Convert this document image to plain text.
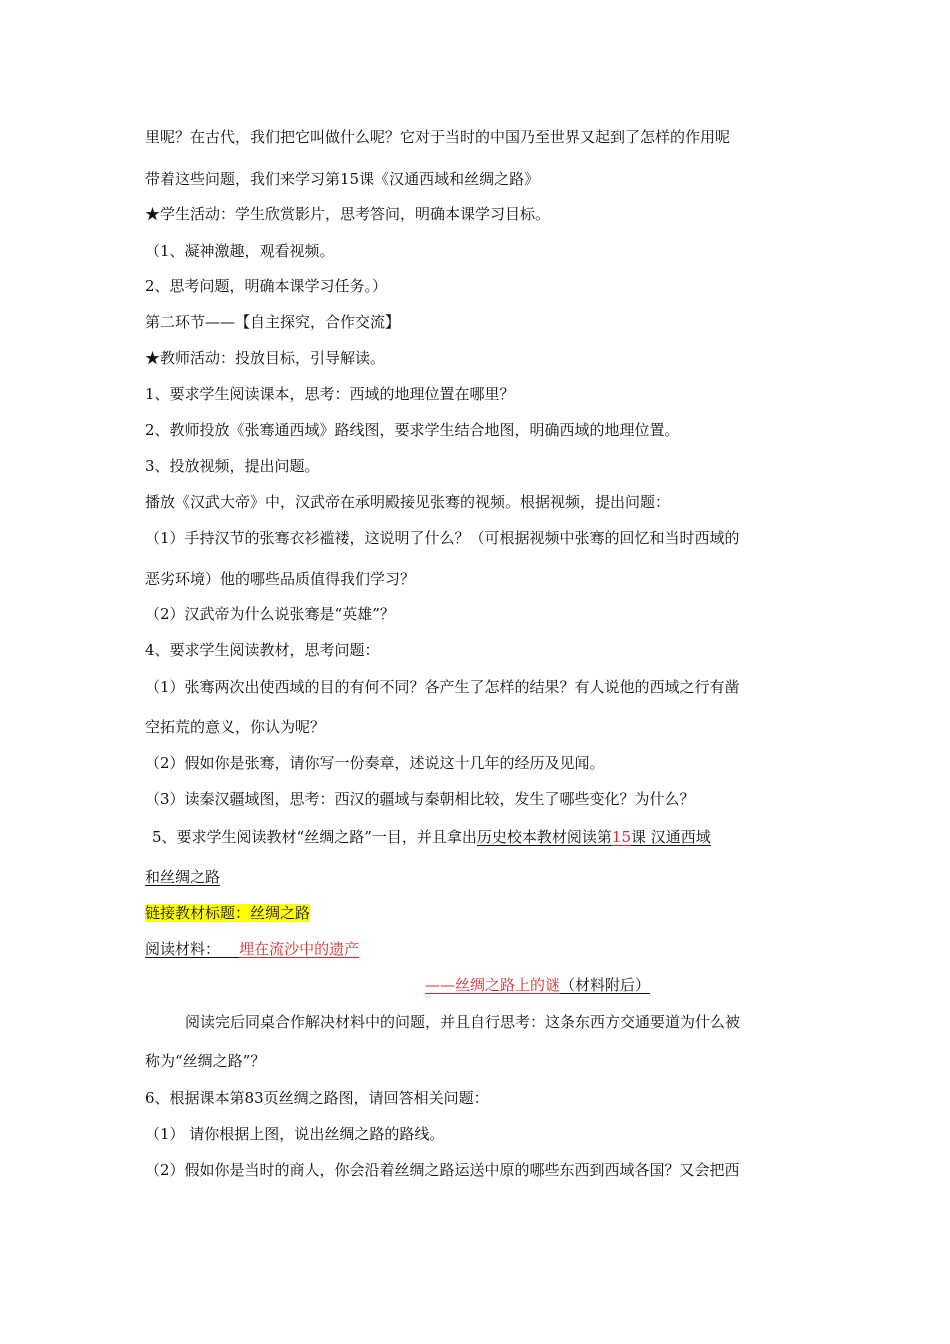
里呢？在古代，我们把它叫做什么呢？它对于当时的中国乃至世界又起到了怎样的作用呢
带着这些问题，我们来学习第15课《汉通西域和丝绸之路》
★学生活动：学生欣赏影片，思考答问，明确本课学习目标。
（1、凝神激趣，观看视频。
2、思考问题，明确本课学习任务。）
第二环节——【自主探究，合作交流】
★教师活动：投放目标，引导解读。
1、要求学生阅读课本，思考：西域的地理位置在哪里？
2、教师投放《张骞通西域》路线图，要求学生结合地图，明确西域的地理位置。
3、投放视频，提出问题。
播放《汉武大帝》中，汉武帝在承明殿接见张骞的视频。根据视频，提出问题：
（1）手持汉节的张骞衣衫褴褛，这说明了什么？（可根据视频中张骞的回忆和当时西域的
恶劣环境）他的哪些品质值得我们学习？
（2）汉武帝为什么说张骞是“英雄”？
4、要求学生阅读教材，思考问题：
（1）张骞两次出使西域的目的有何不同？各产生了怎样的结果？有人说他的西域之行有凿
空拓荒的意义，你认为呢？
（2）假如你是张骞，请你写一份奏章，述说这十几年的经历及见闻。
（3）读秦汉疆域图，思考：西汉的疆域与秦朝相比较，发生了哪些变化？为什么？
5、要求学生阅读教材“丝绸之路”一目，并且拿出历史校本教材阅读第15课 汉通西域
和丝绸之路
链接教材标题：丝绸之路
阅读材料： 埋在流沙中的遗产
——丝绸之路上的谜（材料附后）
阅读完后同桌合作解决材料中的问题，并且自行思考：这条东西方交通要道为什么被
称为“丝绸之路”？
6、根据课本第83页丝绸之路图，请回答相关问题：
（1） 请你根据上图，说出丝绸之路的路线。
（2）假如你是当时的商人，你会沿着丝绸之路运送中原的哪些东西到西域各国？又会把西
